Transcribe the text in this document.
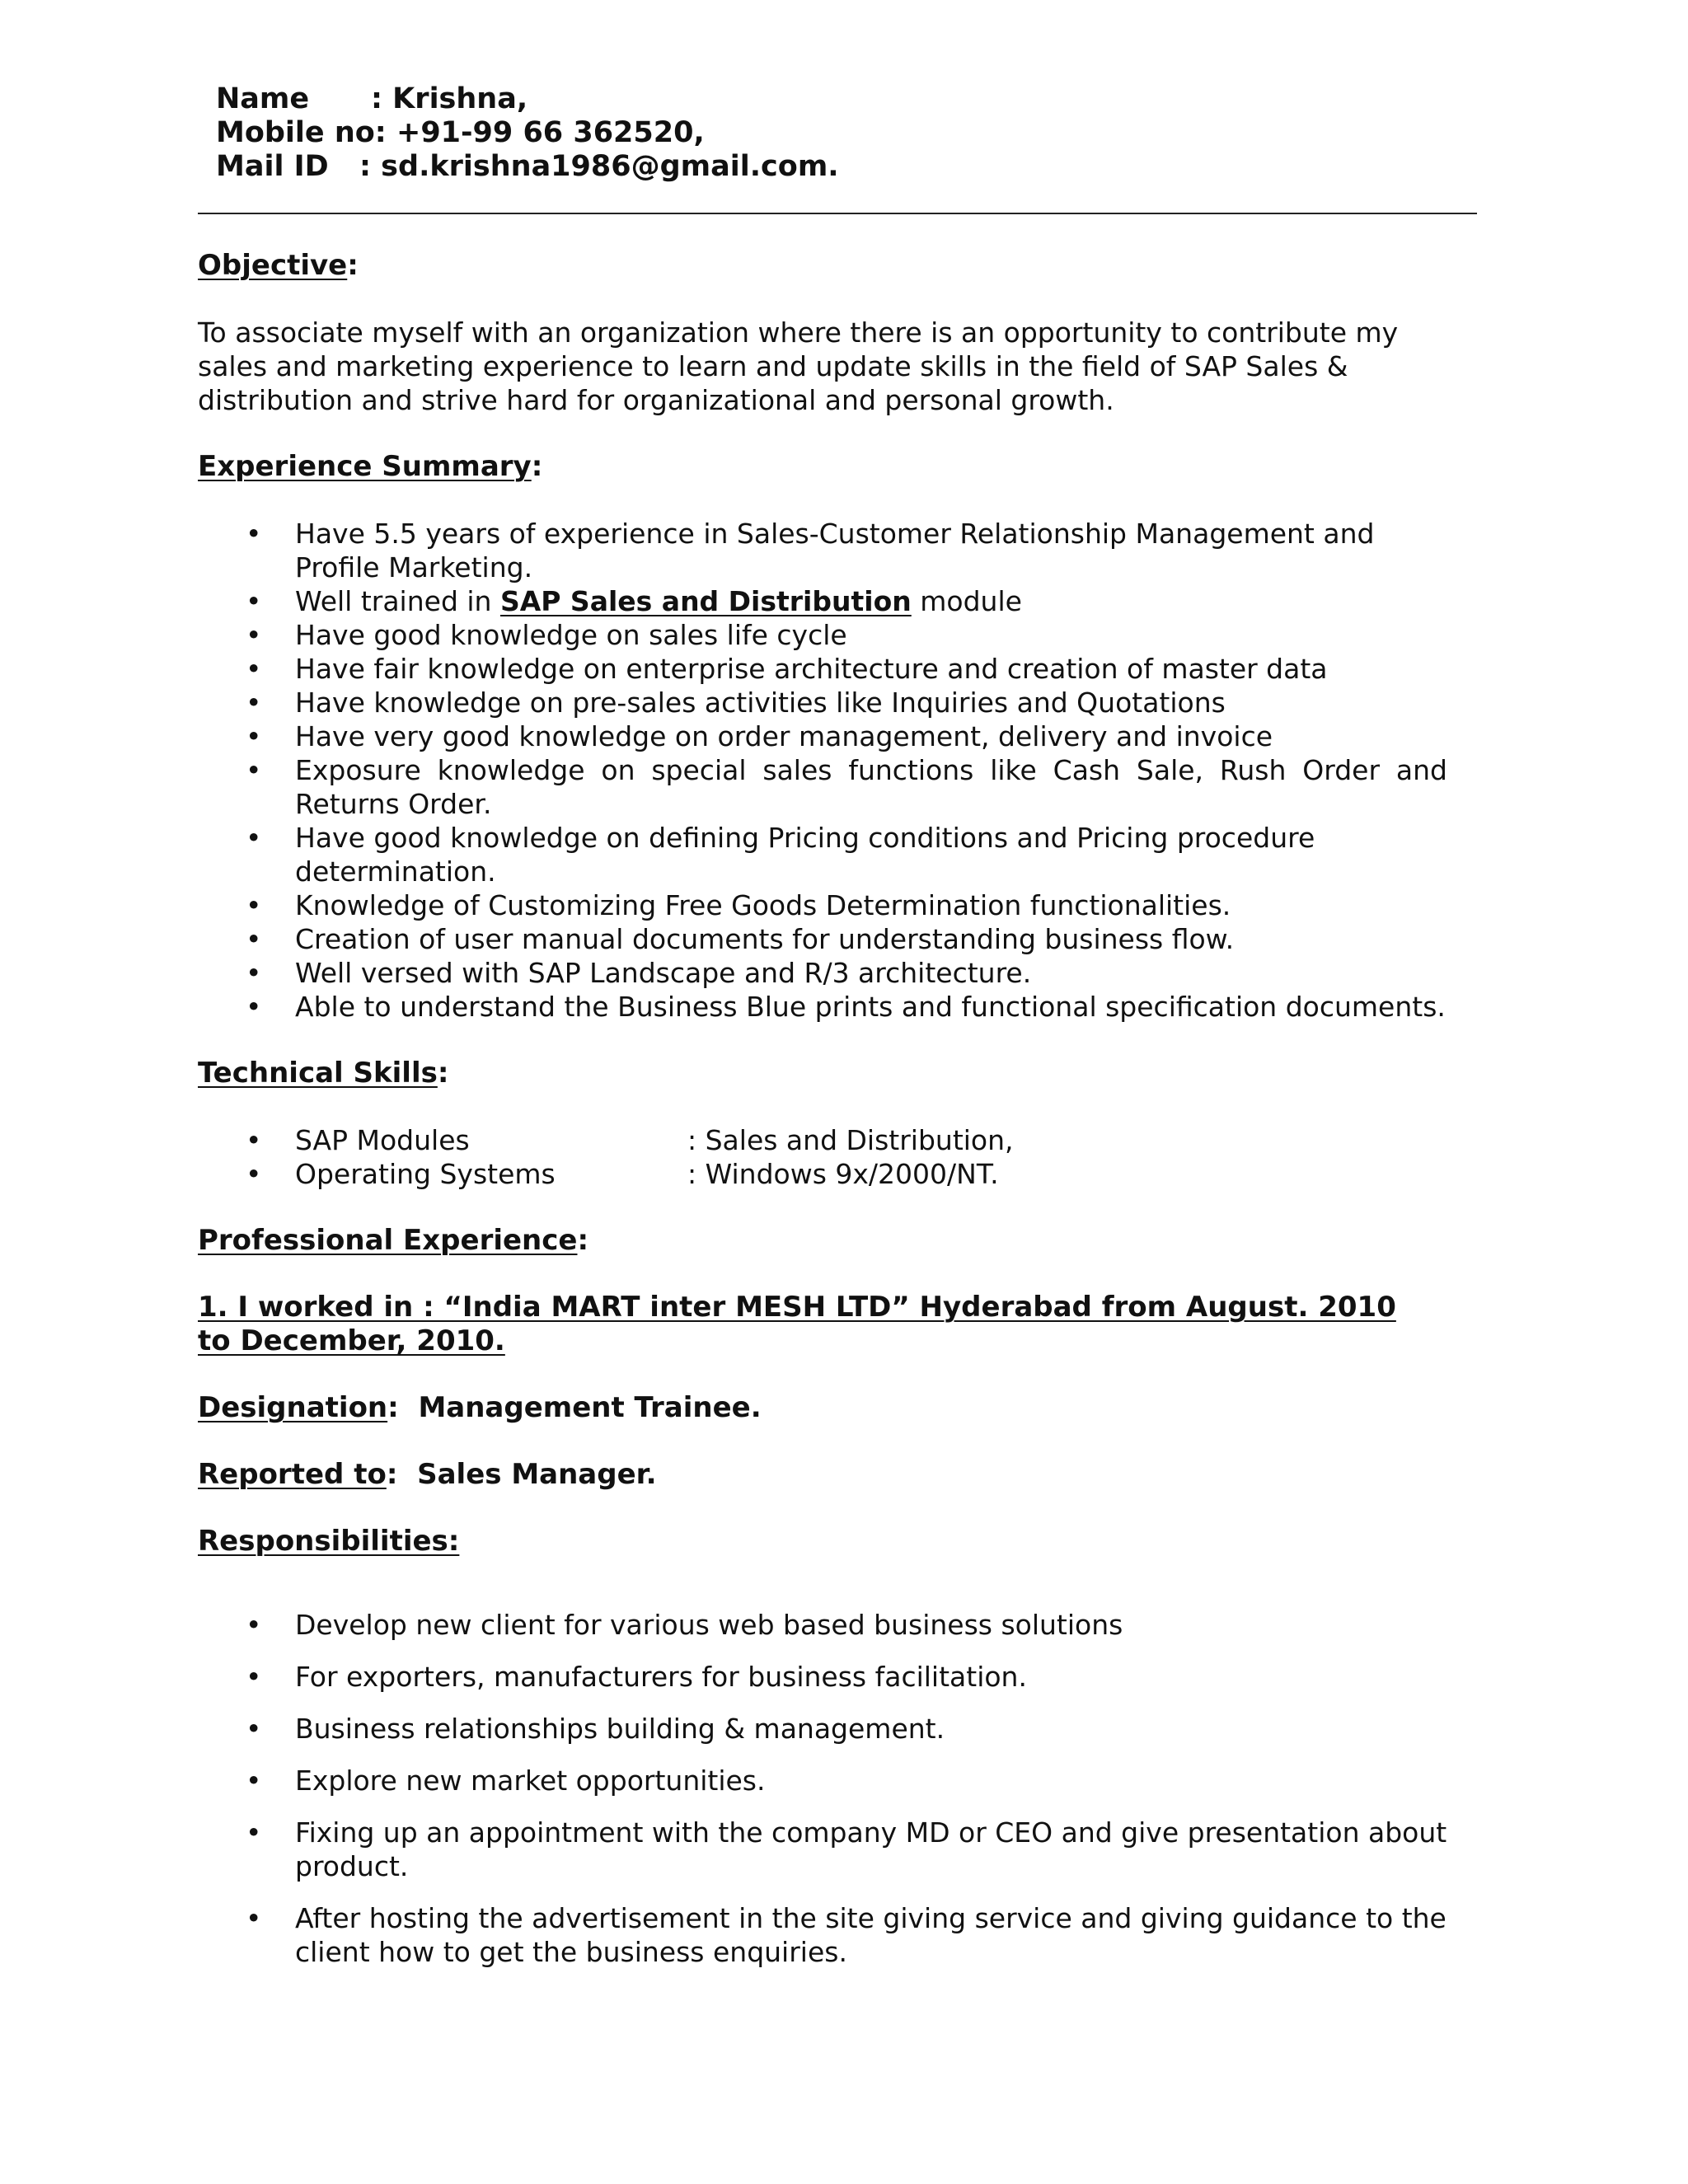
Name	: Krishna,
Mobile no: +91-99 66 362520,
Mail ID	: sd.krishna1986@gmail.com.

Objective:

To associate myself with an organization where there is an opportunity to contribute my sales and marketing experience to learn and update skills in the field of SAP Sales & distribution and strive hard for organizational and personal growth.

Experience Summary:

• Have 5.5 years of experience in Sales-Customer Relationship Management and Profile Marketing.
• Well trained in SAP Sales and Distribution module
• Have good knowledge on sales life cycle
• Have fair knowledge on enterprise architecture and creation of master data
• Have knowledge on pre-sales activities like Inquiries and Quotations
• Have very good knowledge on order management, delivery and invoice
• Exposure knowledge on special sales functions like Cash Sale, Rush Order and Returns Order.
• Have good knowledge on defining Pricing conditions and Pricing procedure determination.
• Knowledge of Customizing Free Goods Determination functionalities.
• Creation of user manual documents for understanding business flow.
• Well versed with SAP Landscape and R/3 architecture.
• Able to understand the Business Blue prints and functional specification documents.

Technical Skills:

• SAP Modules	: Sales and Distribution,
• Operating Systems	: Windows 9x/2000/NT.

Professional Experience:

1. I worked in : “India MART inter MESH LTD” Hyderabad from August. 2010 to December, 2010.

Designation: Management Trainee.

Reported to: Sales Manager.

Responsibilities:

• Develop new client for various web based business solutions
• For exporters, manufacturers for business facilitation.
• Business relationships building & management.
• Explore new market opportunities.
• Fixing up an appointment with the company MD or CEO and give presentation about product.
• After hosting the advertisement in the site giving service and giving guidance to the client how to get the business enquiries.
